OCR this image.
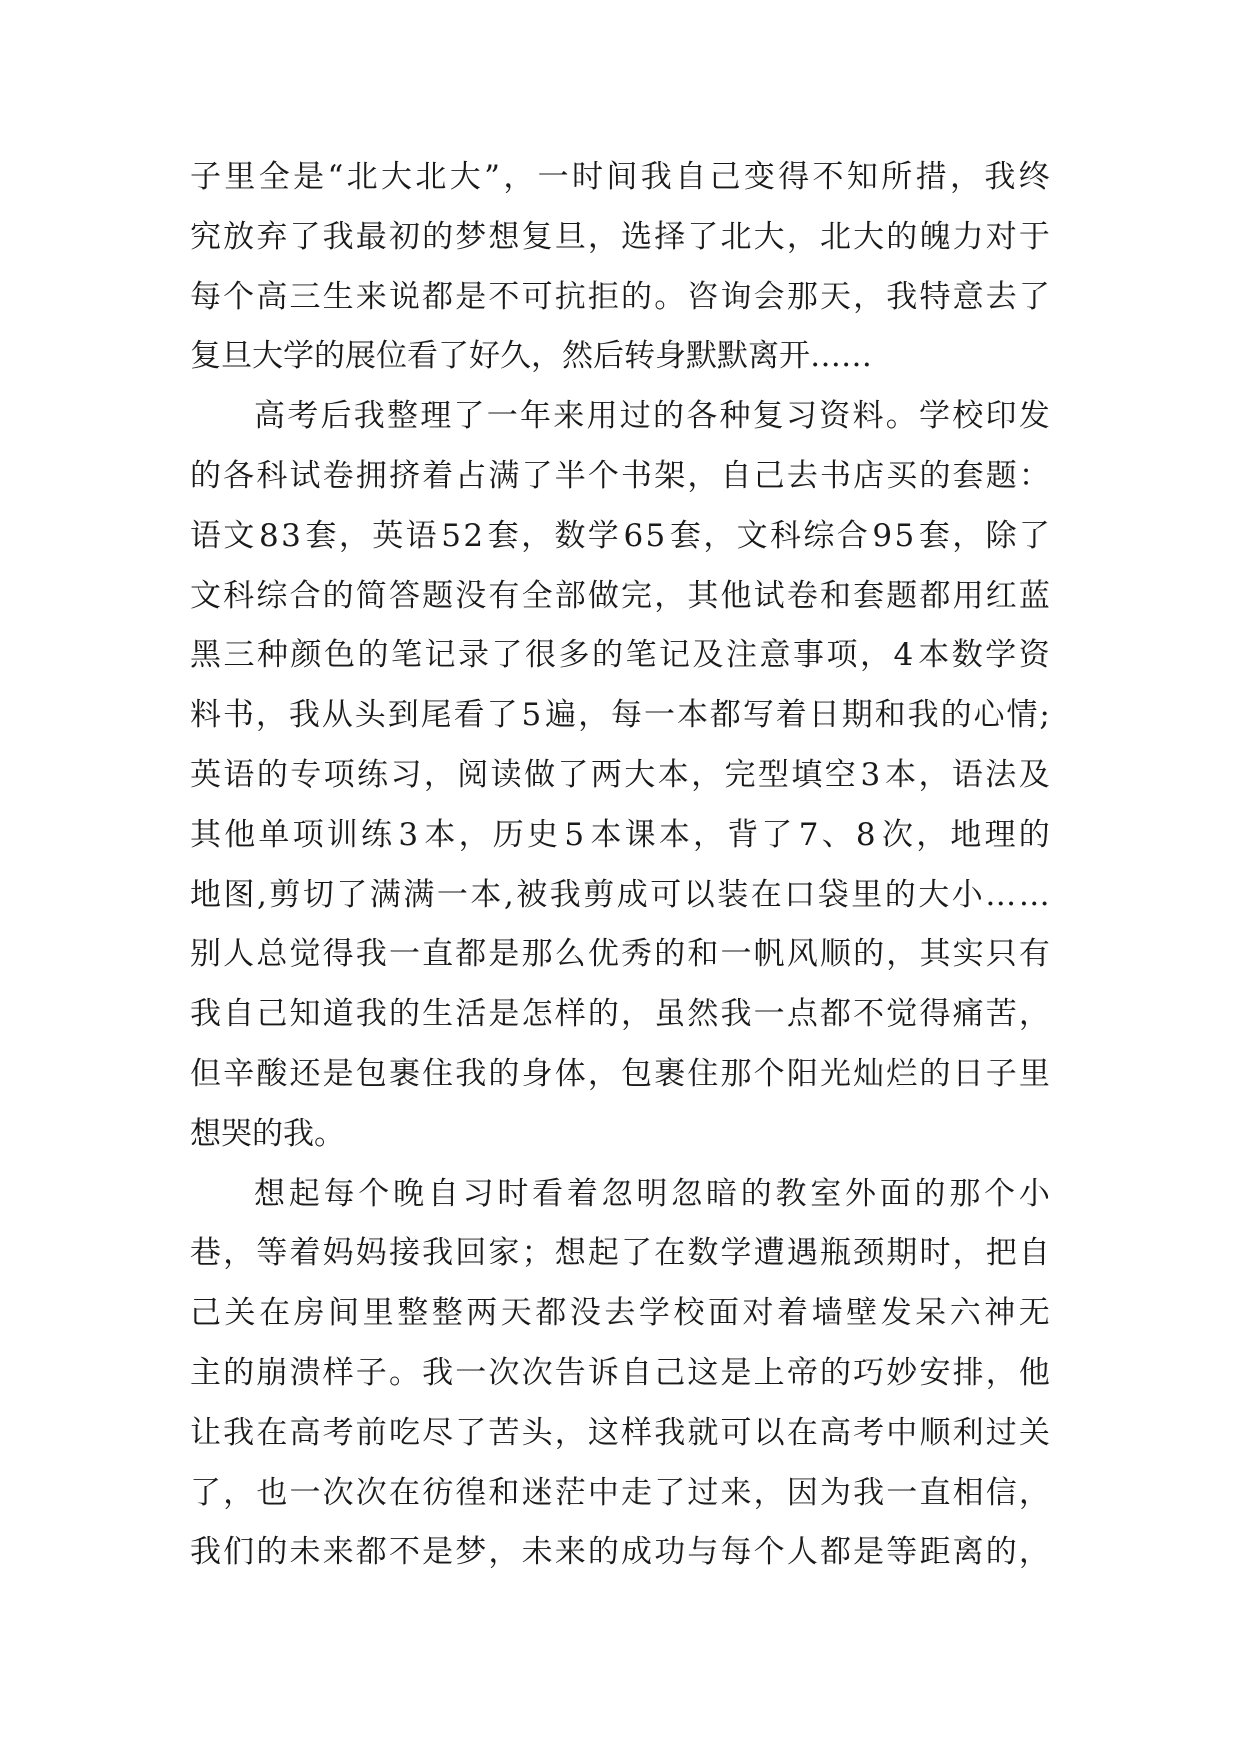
子 里 全 是 “ 北 大 北 大 ” ， 一 时 间 我 自 己 变 得 不 知 所 措 ， 我 终
究 放 弃 了 我 最 初 的 梦 想 复 旦 ， 选 择 了 北 大 ， 北 大 的 魄 力 对 于
每 个 高 三 生 来 说 都 是 不 可 抗 拒 的 。 咨 询 会 那 天 ， 我 特 意 去 了
复旦大学的展位看了好久，然后转身默默离开……
高 考 后 我 整 理 了 一 年 来 用 过 的 各 种 复 习 资 料 。 学 校 印 发
的 各 科 试 卷 拥 挤 着 占 满 了 半 个 书 架 ， 自 己 去 书 店 买 的 套 题 ：
语 文 8 3 套 ， 英 语 5 2 套 ， 数 学 6 5 套 ， 文 科 综 合 9 5 套 ， 除 了
文 科 综 合 的 简 答 题 没 有 全 部 做 完 ， 其 他 试 卷 和 套 题 都 用 红 蓝
黑 三 种 颜 色 的 笔 记 录 了 很 多 的 笔 记 及 注 意 事 项 ， 4 本 数 学 资
料 书 ， 我 从 头 到 尾 看 了 5 遍 ， 每 一 本 都 写 着 日 期 和 我 的 心 情 ;
英 语 的 专 项 练 习 ， 阅 读 做 了 两 大 本 ， 完 型 填 空 3 本 ， 语 法 及
其 他 单 项 训 练 3 本 ， 历 史 5 本 课 本 ， 背 了 7 、 8 次 ， 地 理 的
地 图 , 剪 切 了 满 满 一 本 , 被 我 剪 成 可 以 装 在 口 袋 里 的 大 小 … …
别 人 总 觉 得 我 一 直 都 是 那 么 优 秀 的 和 一 帆 风 顺 的 ， 其 实 只 有
我 自 己 知 道 我 的 生 活 是 怎 样 的 ， 虽 然 我 一 点 都 不 觉 得 痛 苦 ，
但 辛 酸 还 是 包 裹 住 我 的 身 体 ， 包 裹 住 那 个 阳 光 灿 烂 的 日 子 里
想哭的我。
想 起 每 个 晚 自 习 时 看 着 忽 明 忽 暗 的 教 室 外 面 的 那 个 小
巷 ， 等 着 妈 妈 接 我 回 家 ； 想 起 了 在 数 学 遭 遇 瓶 颈 期 时 ， 把 自
己 关 在 房 间 里 整 整 两 天 都 没 去 学 校 面 对 着 墙 壁 发 呆 六 神 无
主 的 崩 溃 样 子 。 我 一 次 次 告 诉 自 己 这 是 上 帝 的 巧 妙 安 排 ， 他
让 我 在 高 考 前 吃 尽 了 苦 头 ， 这 样 我 就 可 以 在 高 考 中 顺 利 过 关
了 ， 也 一 次 次 在 彷 徨 和 迷 茫 中 走 了 过 来 ， 因 为 我 一 直 相 信 ，
我 们 的 未 来 都 不 是 梦 ， 未 来 的 成 功 与 每 个 人 都 是 等 距 离 的 ，
